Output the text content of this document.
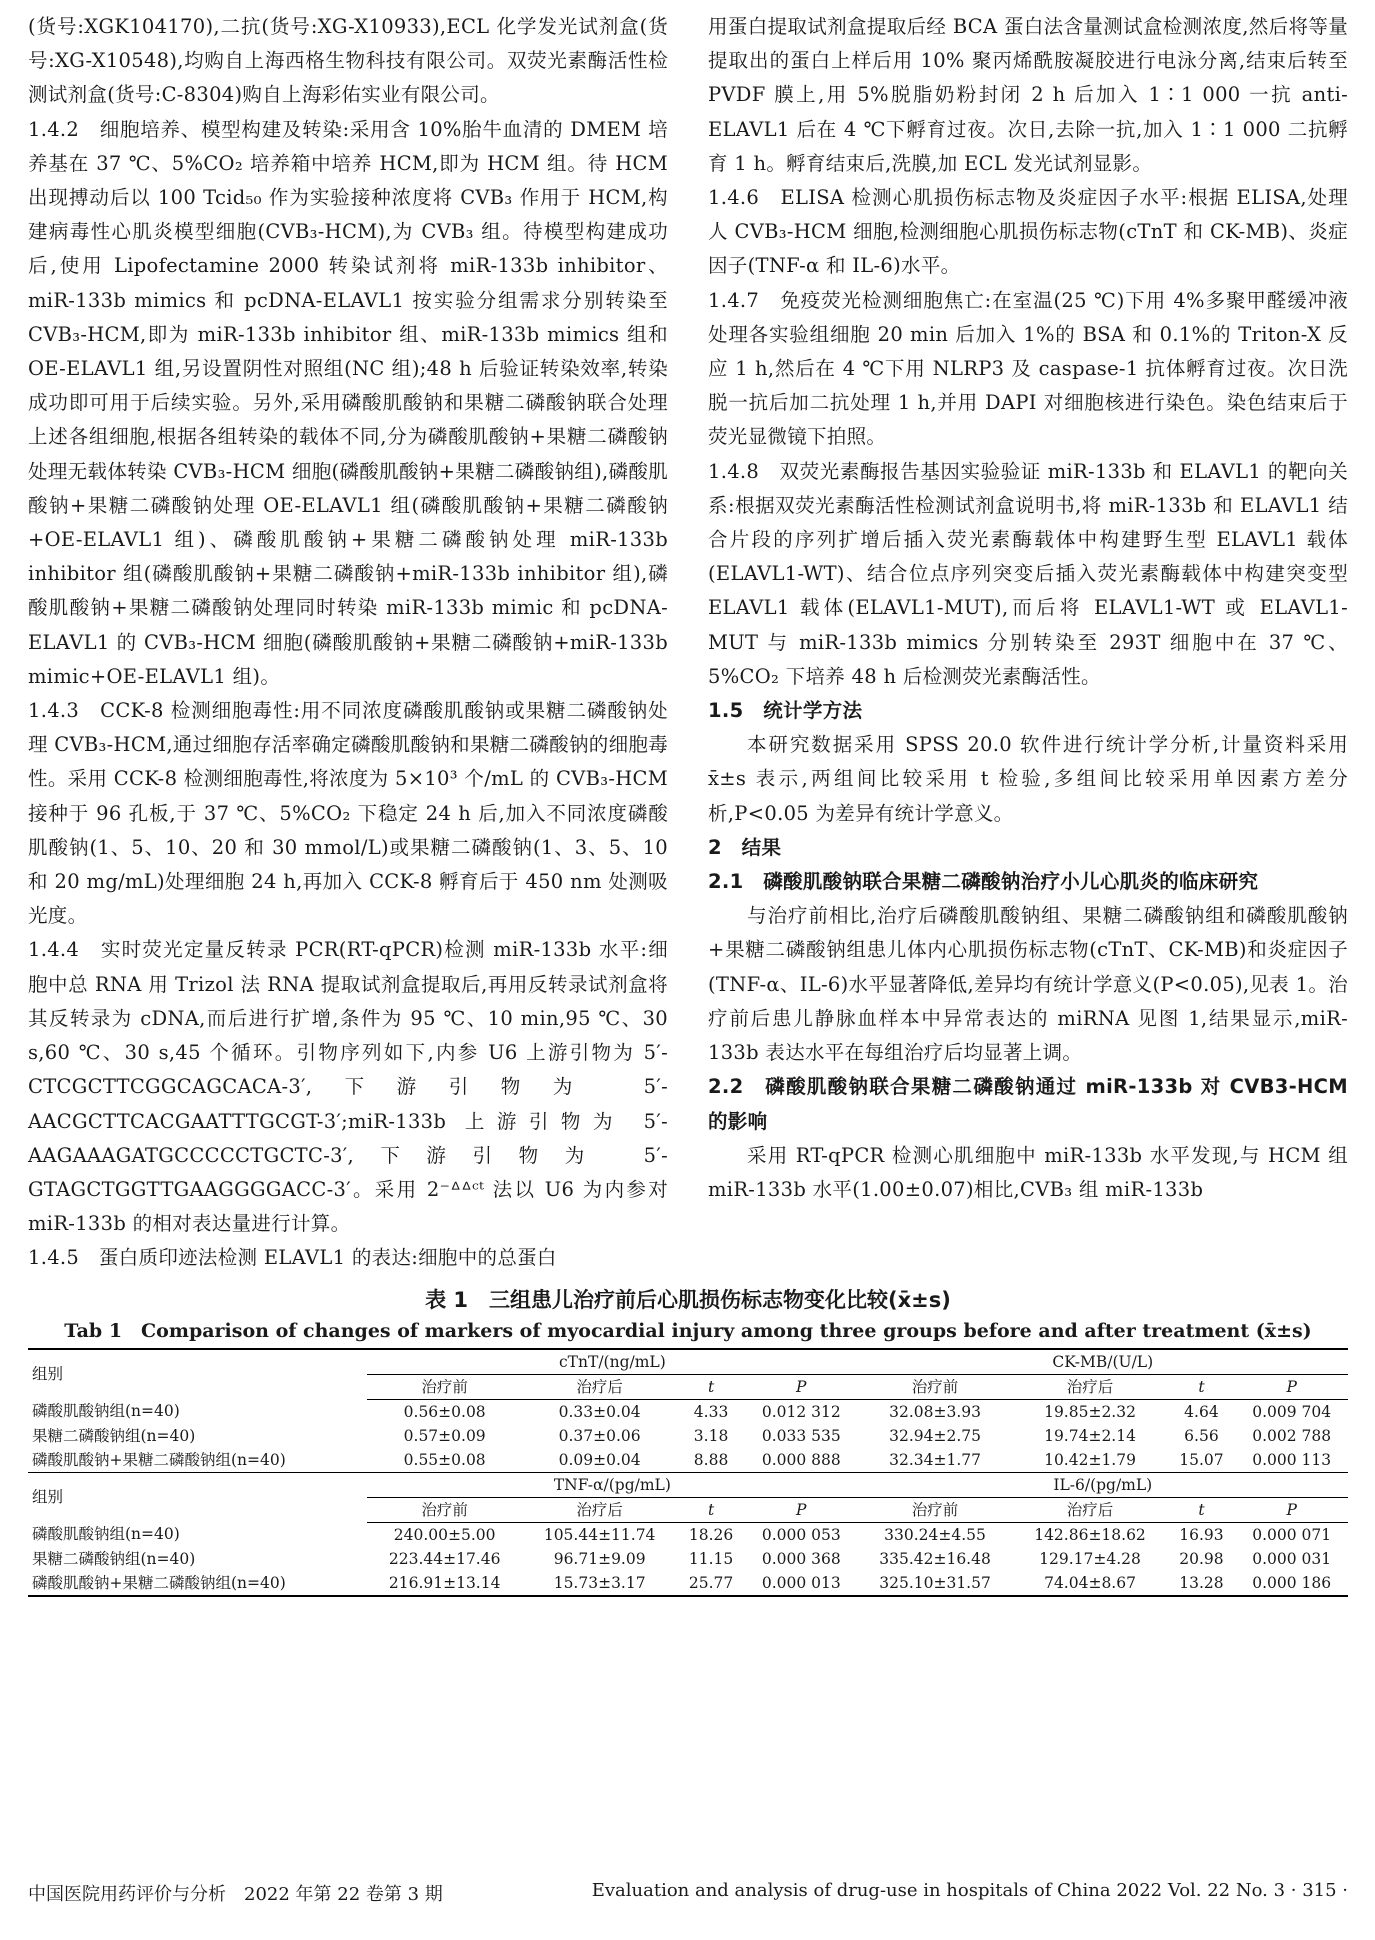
(货号:XGK104170),二抗(货号:XG-X10933),ECL 化学发光试剂盒(货号:XG-X10548),均购自上海西格生物科技有限公司。双荧光素酶活性检测试剂盒(货号:C-8304)购自上海彩佑实业有限公司。

1.4.2　细胞培养、模型构建及转染:采用含 10%胎牛血清的 DMEM 培养基在 37 ℃、5%CO₂ 培养箱中培养 HCM,即为 HCM 组。待 HCM 出现搏动后以 100 Tcid₅₀ 作为实验接种浓度将 CVB₃ 作用于 HCM,构建病毒性心肌炎模型细胞(CVB₃-HCM),为 CVB₃ 组。待模型构建成功后,使用 Lipofectamine 2000 转染试剂将 miR-133b inhibitor、miR-133b mimics 和 pcDNA-ELAVL1 按实验分组需求分别转染至 CVB₃-HCM,即为 miR-133b inhibitor 组、miR-133b mimics 组和 OE-ELAVL1 组,另设置阴性对照组(NC 组);48 h 后验证转染效率,转染成功即可用于后续实验。另外,采用磷酸肌酸钠和果糖二磷酸钠联合处理上述各组细胞,根据各组转染的载体不同,分为磷酸肌酸钠+果糖二磷酸钠处理无载体转染 CVB₃-HCM 细胞(磷酸肌酸钠+果糖二磷酸钠组),磷酸肌酸钠+果糖二磷酸钠处理 OE-ELAVL1 组(磷酸肌酸钠+果糖二磷酸钠+OE-ELAVL1 组)、磷酸肌酸钠+果糖二磷酸钠处理 miR-133b inhibitor 组(磷酸肌酸钠+果糖二磷酸钠+miR-133b inhibitor 组),磷酸肌酸钠+果糖二磷酸钠处理同时转染 miR-133b mimic 和 pcDNA-ELAVL1 的 CVB₃-HCM 细胞(磷酸肌酸钠+果糖二磷酸钠+miR-133b mimic+OE-ELAVL1 组)。

1.4.3　CCK-8 检测细胞毒性:用不同浓度磷酸肌酸钠或果糖二磷酸钠处理 CVB₃-HCM,通过细胞存活率确定磷酸肌酸钠和果糖二磷酸钠的细胞毒性。采用 CCK-8 检测细胞毒性,将浓度为 5×10³ 个/mL 的 CVB₃-HCM 接种于 96 孔板,于 37 ℃、5%CO₂ 下稳定 24 h 后,加入不同浓度磷酸肌酸钠(1、5、10、20 和 30 mmol/L)或果糖二磷酸钠(1、3、5、10 和 20 mg/mL)处理细胞 24 h,再加入 CCK-8 孵育后于 450 nm 处测吸光度。

1.4.4　实时荧光定量反转录 PCR(RT-qPCR)检测 miR-133b 水平:细胞中总 RNA 用 Trizol 法 RNA 提取试剂盒提取后,再用反转录试剂盒将其反转录为 cDNA,而后进行扩增,条件为 95 ℃、10 min,95 ℃、30 s,60 ℃、30 s,45 个循环。引物序列如下,内参 U6 上游引物为 5′-CTCGCTTCGGCAGCACA-3′,下游引物为 5′-AACGCTTCACGAATTTGCGT-3′;miR-133b 上游引物为 5′-AAGAAAGATGCCCCCTGCTC-3′,下游引物为 5′-GTAGCTGGTTGAAGGGGACC-3′。采用 2⁻ᐞᐞᶜᵗ 法以 U6 为内参对 miR-133b 的相对表达量进行计算。

1.4.5　蛋白质印迹法检测 ELAVL1 的表达:细胞中的总蛋白

用蛋白提取试剂盒提取后经 BCA 蛋白法含量测试盒检测浓度,然后将等量提取出的蛋白上样后用 10% 聚丙烯酰胺凝胶进行电泳分离,结束后转至 PVDF 膜上,用 5%脱脂奶粉封闭 2 h 后加入 1∶1 000 一抗 anti-ELAVL1 后在 4 ℃下孵育过夜。次日,去除一抗,加入 1∶1 000 二抗孵育 1 h。孵育结束后,洗膜,加 ECL 发光试剂显影。

1.4.6　ELISA 检测心肌损伤标志物及炎症因子水平:根据 ELISA,处理人 CVB₃-HCM 细胞,检测细胞心肌损伤标志物(cTnT 和 CK-MB)、炎症因子(TNF-α 和 IL-6)水平。

1.4.7　免疫荧光检测细胞焦亡:在室温(25 ℃)下用 4%多聚甲醛缓冲液处理各实验组细胞 20 min 后加入 1%的 BSA 和 0.1%的 Triton-X 反应 1 h,然后在 4 ℃下用 NLRP3 及 caspase-1 抗体孵育过夜。次日洗脱一抗后加二抗处理 1 h,并用 DAPI 对细胞核进行染色。染色结束后于荧光显微镜下拍照。

1.4.8　双荧光素酶报告基因实验验证 miR-133b 和 ELAVL1 的靶向关系:根据双荧光素酶活性检测试剂盒说明书,将 miR-133b 和 ELAVL1 结合片段的序列扩增后插入荧光素酶载体中构建野生型 ELAVL1 载体(ELAVL1-WT)、结合位点序列突变后插入荧光素酶载体中构建突变型 ELAVL1 载体(ELAVL1-MUT),而后将 ELAVL1-WT 或 ELAVL1-MUT 与 miR-133b mimics 分别转染至 293T 细胞中在 37 ℃、5%CO₂ 下培养 48 h 后检测荧光素酶活性。

1.5　统计学方法

本研究数据采用 SPSS 20.0 软件进行统计学分析,计量资料采用 x̄±s 表示,两组间比较采用 t 检验,多组间比较采用单因素方差分析,P<0.05 为差异有统计学意义。

2　结果

2.1　磷酸肌酸钠联合果糖二磷酸钠治疗小儿心肌炎的临床研究

与治疗前相比,治疗后磷酸肌酸钠组、果糖二磷酸钠组和磷酸肌酸钠+果糖二磷酸钠组患儿体内心肌损伤标志物(cTnT、CK-MB)和炎症因子(TNF-α、IL-6)水平显著降低,差异均有统计学意义(P<0.05),见表 1。治疗前后患儿静脉血样本中异常表达的 miRNA 见图 1,结果显示,miR-133b 表达水平在每组治疗后均显著上调。

2.2　磷酸肌酸钠联合果糖二磷酸钠通过 miR-133b 对 CVB3-HCM 的影响

采用 RT-qPCR 检测心肌细胞中 miR-133b 水平发现,与 HCM 组 miR-133b 水平(1.00±0.07)相比,CVB₃ 组 miR-133b

表 1　三组患儿治疗前后心肌损伤标志物变化比较(x̄±s)
Tab 1　Comparison of changes of markers of myocardial injury among three groups before and after treatment (x̄±s)
组别	cTnT/(ng/mL)				CK-MB/(U/L)			
	治疗前	治疗后	t	P	治疗前	治疗后	t	P
磷酸肌酸钠组(n=40)	0.56±0.08	0.33±0.04	4.33	0.012 312	32.08±3.93	19.85±2.32	4.64	0.009 704
果糖二磷酸钠组(n=40)	0.57±0.09	0.37±0.06	3.18	0.033 535	32.94±2.75	19.74±2.14	6.56	0.002 788
磷酸肌酸钠+果糖二磷酸钠组(n=40)	0.55±0.08	0.09±0.04	8.88	0.000 888	32.34±1.77	10.42±1.79	15.07	0.000 113
组别	TNF-α/(pg/mL)				IL-6/(pg/mL)			
	治疗前	治疗后	t	P	治疗前	治疗后	t	P
磷酸肌酸钠组(n=40)	240.00±5.00	105.44±11.74	18.26	0.000 053	330.24±4.55	142.86±18.62	16.93	0.000 071
果糖二磷酸钠组(n=40)	223.44±17.46	96.71±9.09	11.15	0.000 368	335.42±16.48	129.17±4.28	20.98	0.000 031
磷酸肌酸钠+果糖二磷酸钠组(n=40)	216.91±13.14	15.73±3.17	25.77	0.000 013	325.10±31.57	74.04±8.67	13.28	0.000 186
中国医院用药评价与分析　2022 年第 22 卷第 3 期	Evaluation and analysis of drug-use in hospitals of China 2022 Vol. 22 No. 3 · 315 ·
